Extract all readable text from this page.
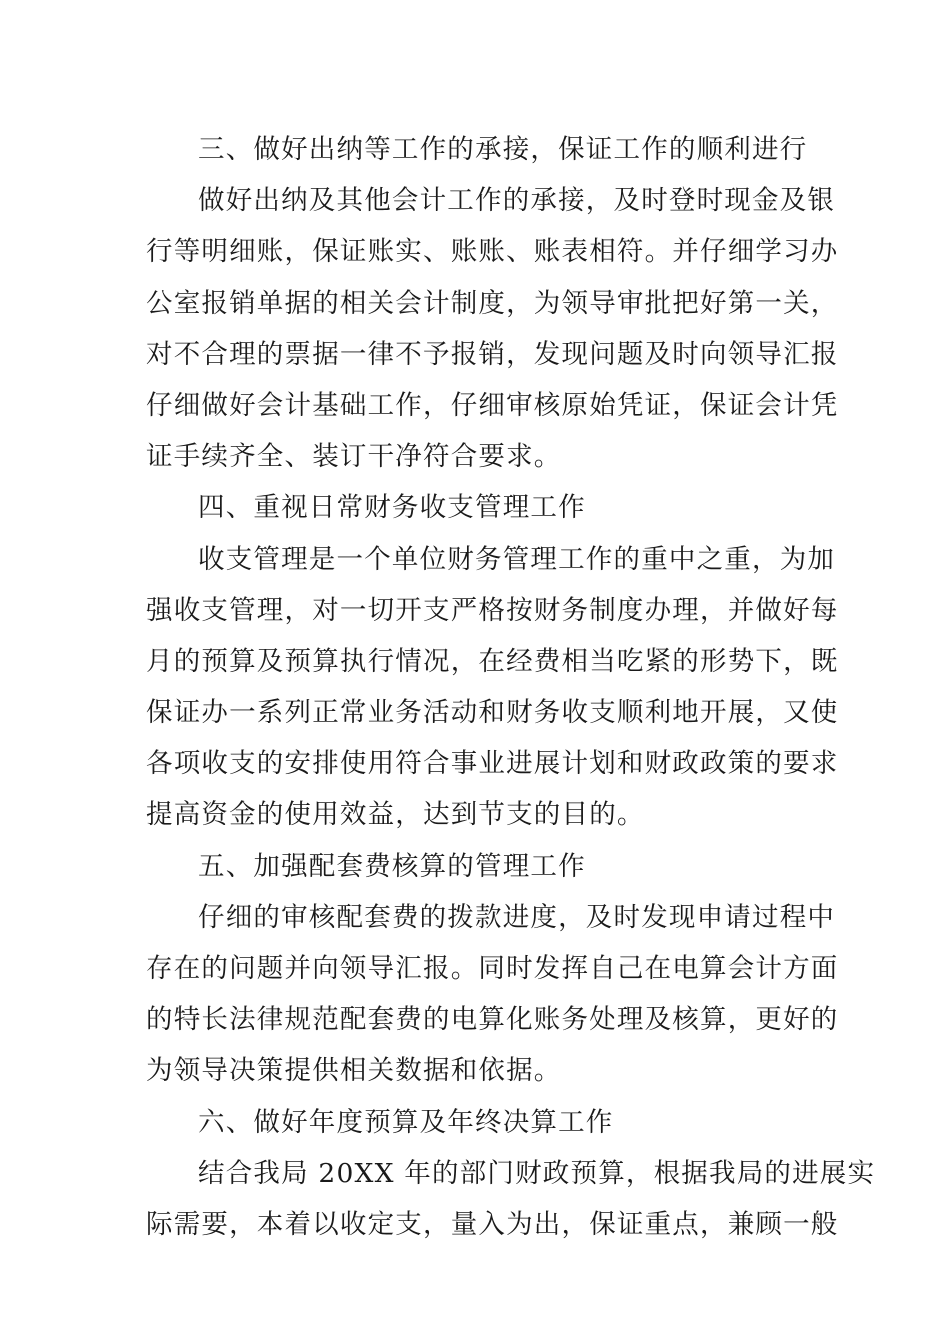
三、做好出纳等工作的承接，保证工作的顺利进行

做好出纳及其他会计工作的承接，及时登时现金及银
行等明细账，保证账实、账账、账表相符。并仔细学习办
公室报销单据的相关会计制度，为领导审批把好第一关，
对不合理的票据一律不予报销，发现问题及时向领导汇报
仔细做好会计基础工作，仔细审核原始凭证，保证会计凭
证手续齐全、装订干净符合要求。

四、重视日常财务收支管理工作

收支管理是一个单位财务管理工作的重中之重，为加
强收支管理，对一切开支严格按财务制度办理，并做好每
月的预算及预算执行情况，在经费相当吃紧的形势下，既
保证办一系列正常业务活动和财务收支顺利地开展，又使
各项收支的安排使用符合事业进展计划和财政政策的要求
提高资金的使用效益，达到节支的目的。

五、加强配套费核算的管理工作

仔细的审核配套费的拨款进度，及时发现申请过程中
存在的问题并向领导汇报。同时发挥自己在电算会计方面
的特长法律规范配套费的电算化账务处理及核算，更好的
为领导决策提供相关数据和依据。

六、做好年度预算及年终决算工作

结合我局 20XX 年的部门财政预算，根据我局的进展实
际需要，本着以收定支，量入为出，保证重点，兼顾一般
